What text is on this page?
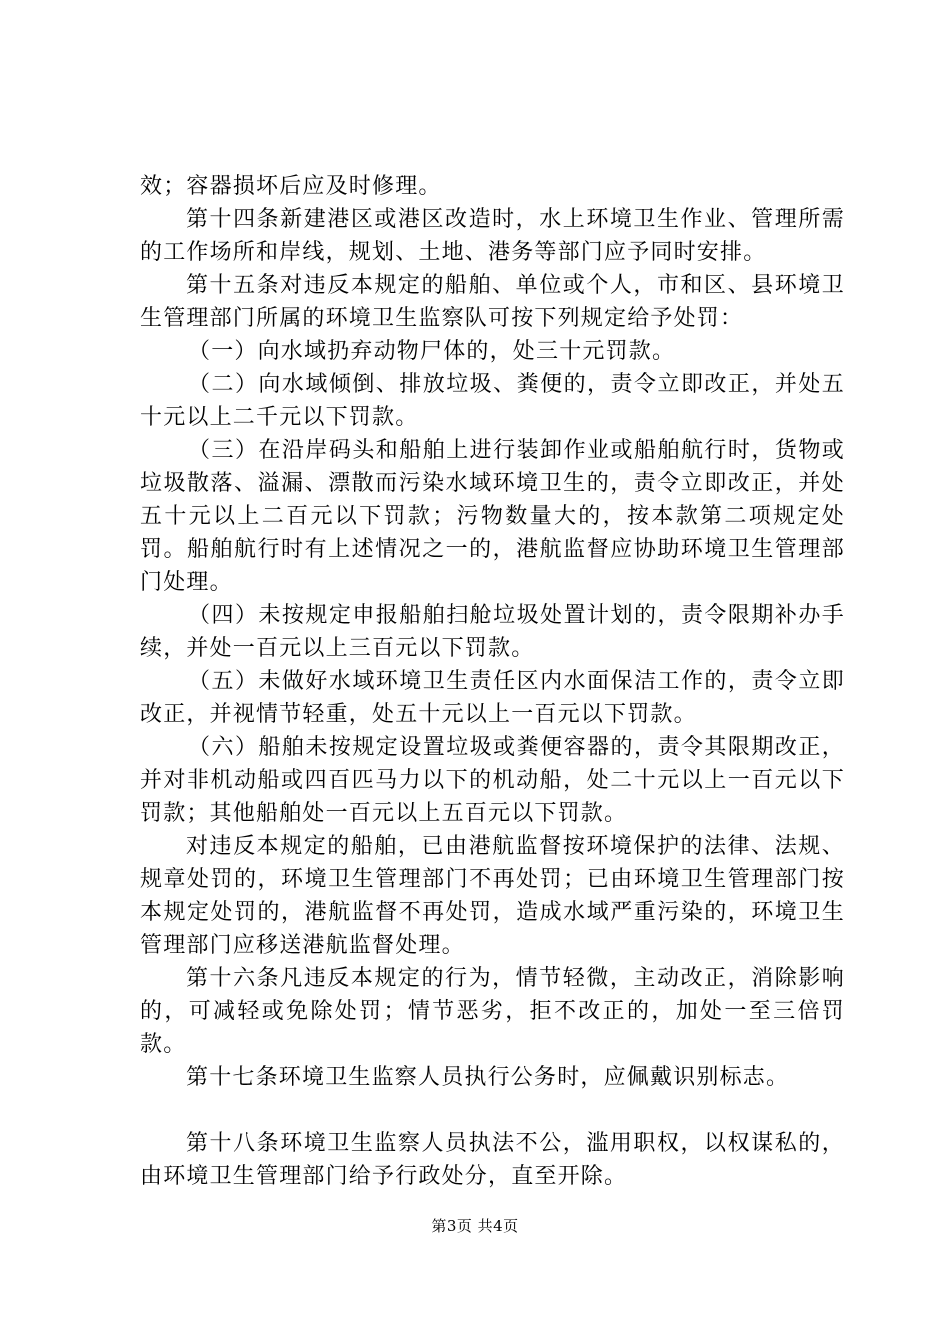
效；容器损坏后应及时修理。

第十四条新建港区或港区改造时，水上环境卫生作业、管理所需的工作场所和岸线，规划、土地、港务等部门应予同时安排。

第十五条对违反本规定的船舶、单位或个人，市和区、县环境卫生管理部门所属的环境卫生监察队可按下列规定给予处罚：

（一）向水域扔弃动物尸体的，处三十元罚款。

（二）向水域倾倒、排放垃圾、粪便的，责令立即改正，并处五十元以上二千元以下罚款。

（三）在沿岸码头和船舶上进行装卸作业或船舶航行时，货物或垃圾散落、溢漏、漂散而污染水域环境卫生的，责令立即改正，并处五十元以上二百元以下罚款；污物数量大的，按本款第二项规定处罚。船舶航行时有上述情况之一的，港航监督应协助环境卫生管理部门处理。

（四）未按规定申报船舶扫舱垃圾处置计划的，责令限期补办手续，并处一百元以上三百元以下罚款。

（五）未做好水域环境卫生责任区内水面保洁工作的，责令立即改正，并视情节轻重，处五十元以上一百元以下罚款。

（六）船舶未按规定设置垃圾或粪便容器的，责令其限期改正，并对非机动船或四百匹马力以下的机动船，处二十元以上一百元以下罚款；其他船舶处一百元以上五百元以下罚款。

对违反本规定的船舶，已由港航监督按环境保护的法律、法规、规章处罚的，环境卫生管理部门不再处罚；已由环境卫生管理部门按本规定处罚的，港航监督不再处罚，造成水域严重污染的，环境卫生管理部门应移送港航监督处理。

第十六条凡违反本规定的行为，情节轻微，主动改正，消除影响的，可减轻或免除处罚；情节恶劣，拒不改正的，加处一至三倍罚款。

第十七条环境卫生监察人员执行公务时，应佩戴识别标志。

第十八条环境卫生监察人员执法不公，滥用职权，以权谋私的，由环境卫生管理部门给予行政处分，直至开除。

第3页 共4页
